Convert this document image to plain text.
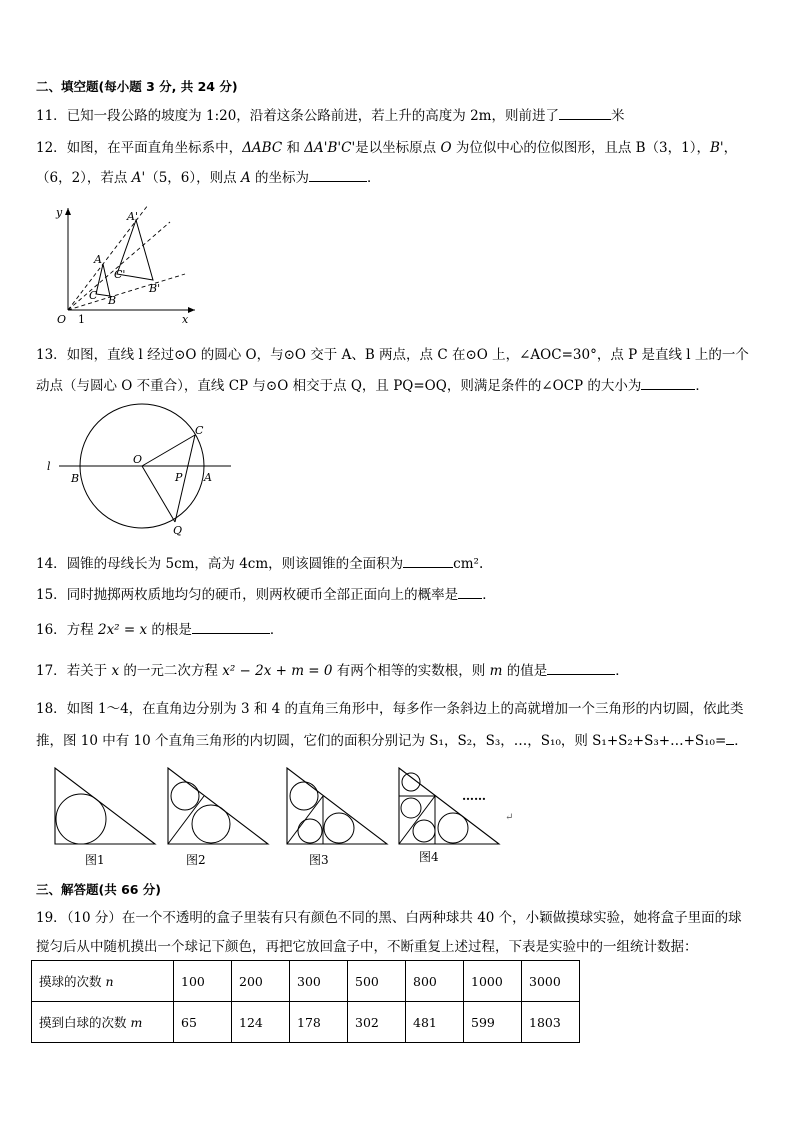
二、填空题(每小题 3 分, 共 24 分)
11．已知一段公路的坡度为 1:20，沿着这条公路前进，若上升的高度为 2m，则前进了	米
12．如图，在平面直角坐标系中，ΔABC 和 ΔA'B'C'是以坐标原点 O 为位似中心的位似图形，且点 B（3，1），B'，
（6，2），若点 A'（5，6），则点 A 的坐标为	．
y
x
O 1
A
B
C
A'
B'
C'
13．如图，直线 l 经过⊙O 的圆心 O，与⊙O 交于 A、B 两点，点 C 在⊙O 上，∠AOC=30°，点 P 是直线 l 上的一个
动点（与圆心 O 不重合），直线 CP 与⊙O 相交于点 Q，且 PQ=OQ，则满足条件的∠OCP 的大小为	．
l
B
O
P A
C
Q
14．圆锥的母线长为 5cm，高为 4cm，则该圆锥的全面积为	cm².
15．同时抛掷两枚质地均匀的硬币，则两枚硬币全部正面向上的概率是 ．
16．方程 2x² = x 的根是	．
17．若关于 x 的一元二次方程 x² − 2x + m = 0 有两个相等的实数根，则 m 的值是	．
18．如图 1～4，在直角边分别为 3 和 4 的直角三角形中，每多作一条斜边上的高就增加一个三角形的内切圆，依此类
推，图 10 中有 10 个直角三角形的内切圆，它们的面积分别记为 S₁，S₂，S₃，…，S₁₀，则 S₁+S₂+S₃+…+S₁₀= ．
图1	图2	图3
……
↵
图4
三、解答题(共 66 分)
19．（10 分）在一个不透明的盒子里装有只有颜色不同的黑、白两种球共 40 个，小颖做摸球实验，她将盒子里面的球
搅匀后从中随机摸出一个球记下颜色，再把它放回盒子中，不断重复上述过程，下表是实验中的一组统计数据：
摸球的次数 n	100	200	300	500	800	1000	3000
摸到白球的次数 m	65	124	178	302	481	599	1803
